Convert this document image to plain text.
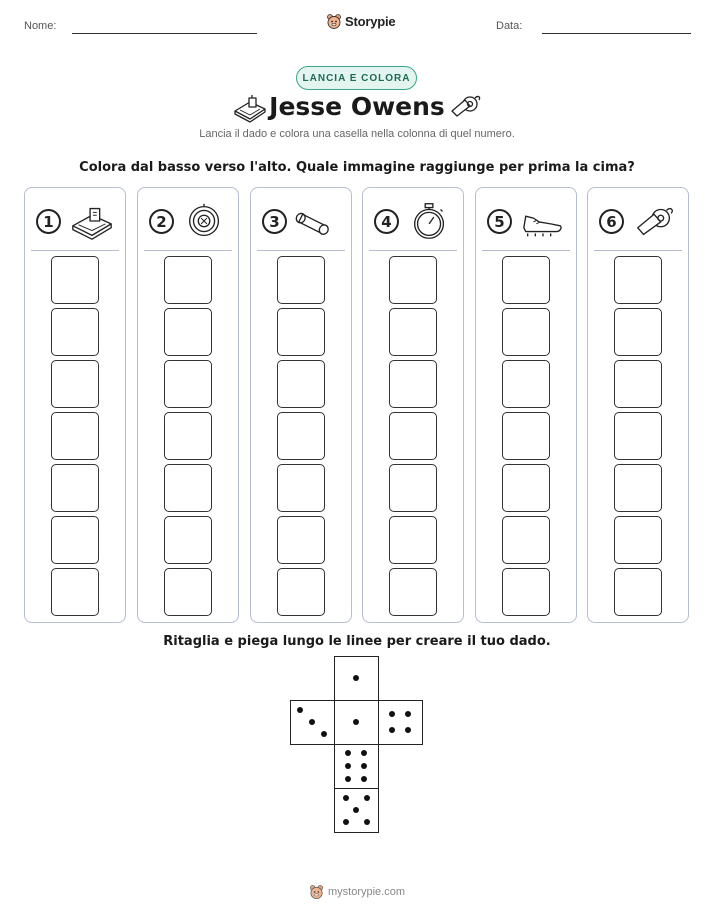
Nome:	Storypie	Data:
LANCIA E COLORA
Jesse Owens
Lancia il dado e colora una casella nella colonna di quel numero.
Colora dal basso verso l'alto. Quale immagine raggiunge per prima la cima?
1	2	3	4	5	6
Ritaglia e piega lungo le linee per creare il tuo dado.
mystorypie.com
